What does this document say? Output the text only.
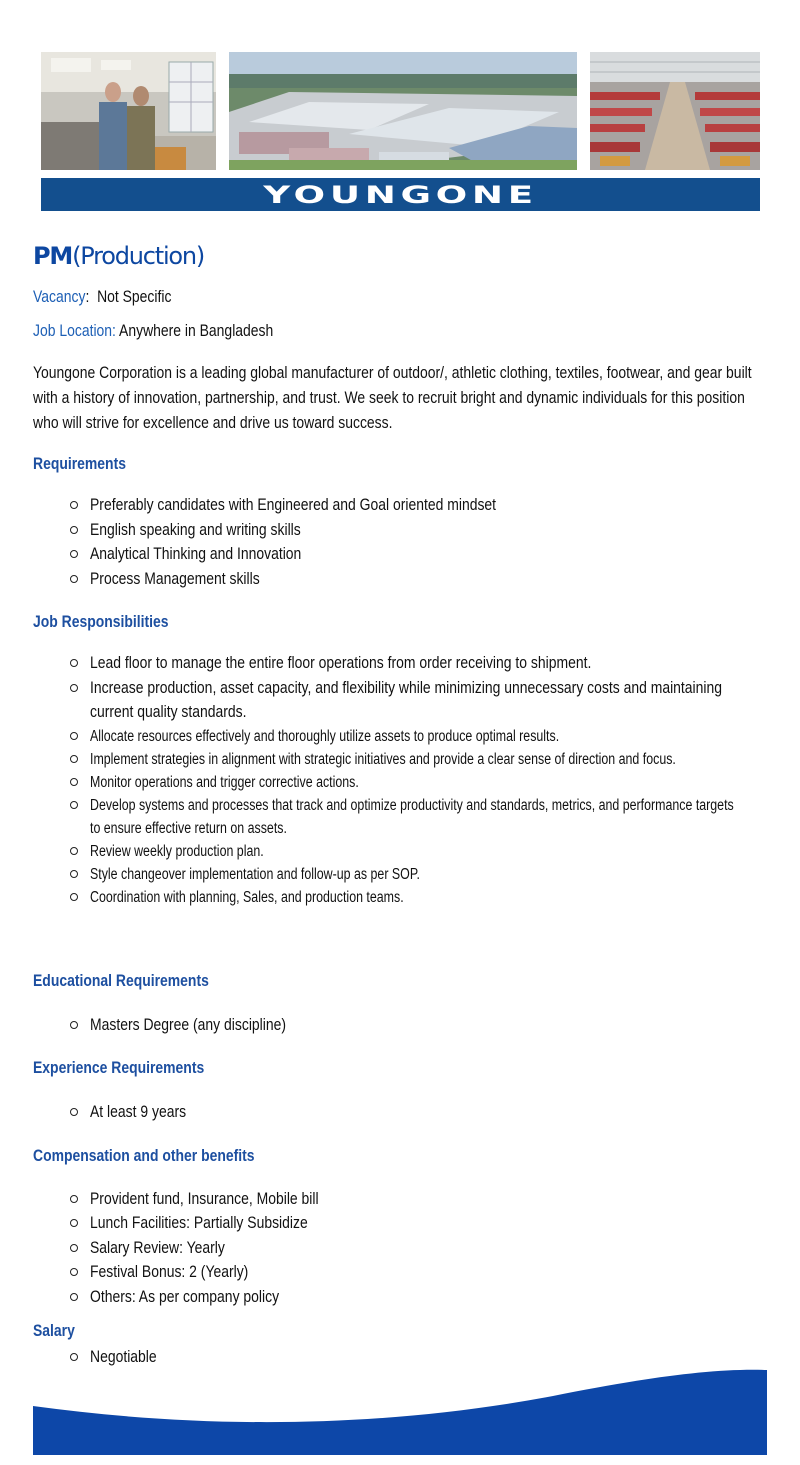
YOUNGONE
PM(Production)
Vacancy:  Not Specific
Job Location: Anywhere in Bangladesh
Youngone Corporation is a leading global manufacturer of outdoor/, athletic clothing, textiles, footwear, and gear built with a history of innovation, partnership, and trust. We seek to recruit bright and dynamic individuals for this position who will strive for excellence and drive us toward success.
Requirements
Preferably candidates with Engineered and Goal oriented mindset
English speaking and writing skills
Analytical Thinking and Innovation
Process Management skills
Job Responsibilities
Lead floor to manage the entire floor operations from order receiving to shipment.
Increase production, asset capacity, and flexibility while minimizing unnecessary costs and maintaining current quality standards.
Allocate resources effectively and thoroughly utilize assets to produce optimal results.
Implement strategies in alignment with strategic initiatives and provide a clear sense of direction and focus.
Monitor operations and trigger corrective actions.
Develop systems and processes that track and optimize productivity and standards, metrics, and performance targets to ensure effective return on assets.
Review weekly production plan.
Style changeover implementation and follow-up as per SOP.
Coordination with planning, Sales, and production teams.
Educational Requirements
Masters Degree (any discipline)
Experience Requirements
At least 9 years
Compensation and other benefits
Provident fund, Insurance, Mobile bill
Lunch Facilities: Partially Subsidize
Salary Review: Yearly
Festival Bonus: 2 (Yearly)
Others: As per company policy
Salary
Negotiable
